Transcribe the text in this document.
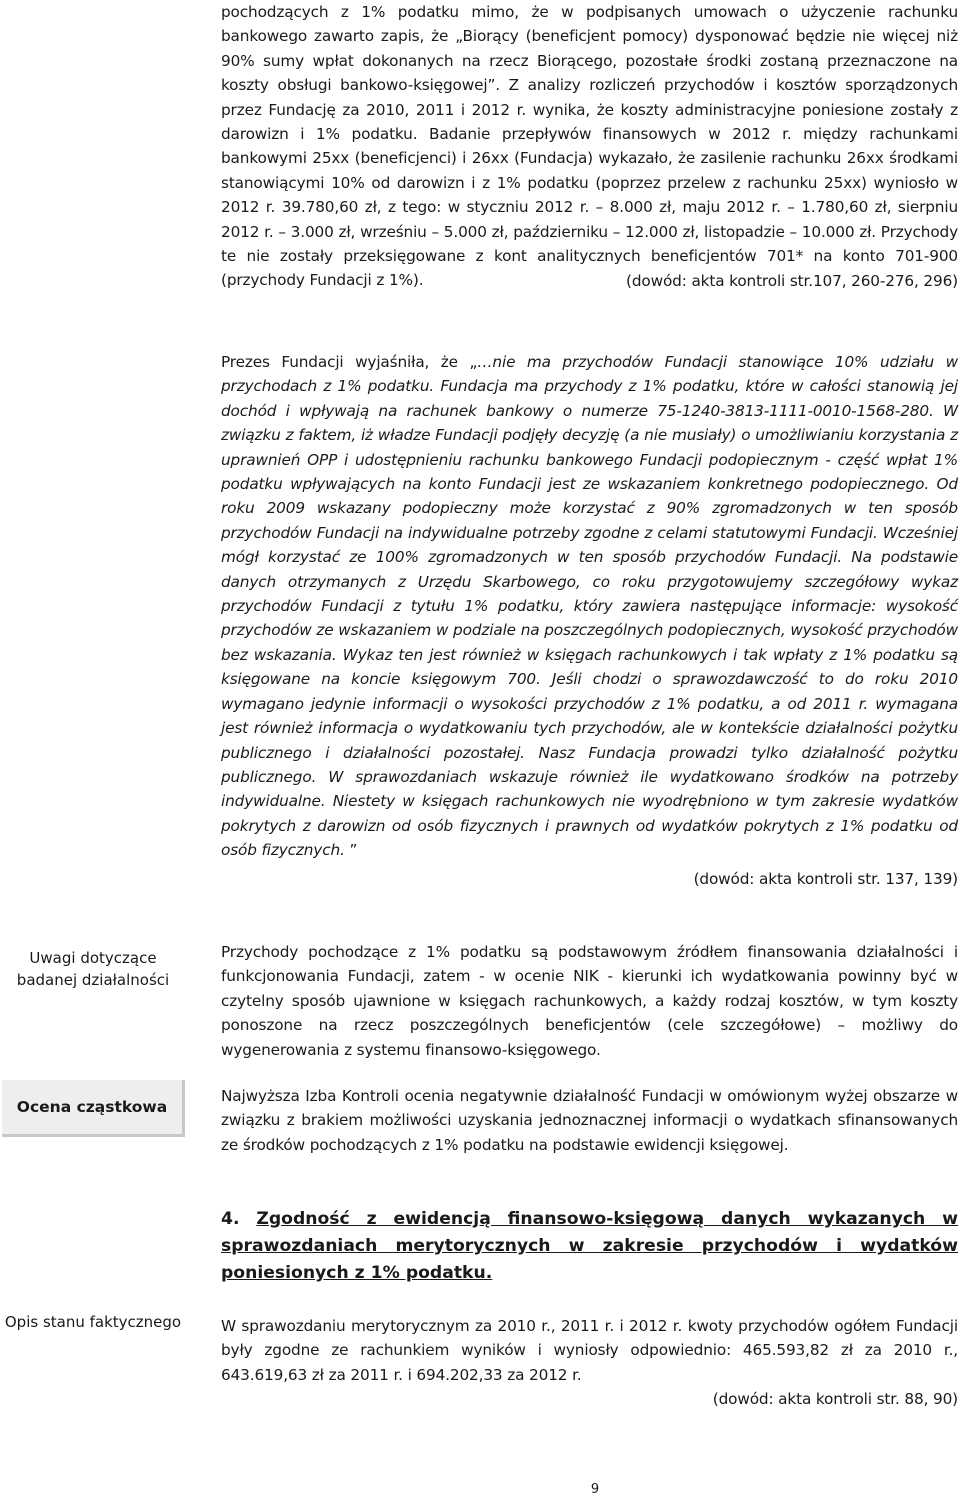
pochodzących z 1% podatku mimo, że w podpisanych umowach o użyczenie rachunku bankowego zawarto zapis, że „Biorący (beneficjent pomocy) dysponować będzie nie więcej niż 90% sumy wpłat dokonanych na rzecz Biorącego, pozostałe środki zostaną przeznaczone na koszty obsługi bankowo-księgowej”. Z analizy rozliczeń przychodów i kosztów sporządzonych przez Fundację za 2010, 2011 i 2012 r. wynika, że koszty administracyjne poniesione zostały z darowizn i 1% podatku. Badanie przepływów finansowych w 2012 r. między rachunkami bankowymi 25xx (beneficjenci) i 26xx (Fundacja) wykazało, że zasilenie rachunku 26xx środkami stanowiącymi 10% od darowizn i z 1% podatku (poprzez przelew z rachunku 25xx) wyniosło w 2012 r. 39.780,60 zł, z tego: w styczniu 2012 r. – 8.000 zł, maju 2012 r. – 1.780,60 zł, sierpniu 2012 r. – 3.000 zł, wrześniu – 5.000 zł, październiku – 12.000 zł, listopadzie – 10.000 zł. Przychody te nie zostały przeksięgowane z kont analitycznych beneficjentów 701* na konto 701-900 (przychody Fundacji z 1%).	(dowód: akta kontroli str.107, 260-276, 296)

Prezes Fundacji wyjaśniła, że „…nie ma przychodów Fundacji stanowiące 10% udziału w przychodach z 1% podatku. Fundacja ma przychody z 1% podatku, które w całości stanowią jej dochód i wpływają na rachunek bankowy o numerze 75-1240-3813-1111-0010-1568-280. W związku z faktem, iż władze Fundacji podjęły decyzję (a nie musiały) o umożliwianiu korzystania z uprawnień OPP i udostępnieniu rachunku bankowego Fundacji podopiecznym - część wpłat 1% podatku wpływających na konto Fundacji jest ze wskazaniem konkretnego podopiecznego. Od roku 2009 wskazany podopieczny może korzystać z 90% zgromadzonych w ten sposób przychodów Fundacji na indywidualne potrzeby zgodne z celami statutowymi Fundacji. Wcześniej mógł korzystać ze 100% zgromadzonych w ten sposób przychodów Fundacji. Na podstawie danych otrzymanych z Urzędu Skarbowego, co roku przygotowujemy szczegółowy wykaz przychodów Fundacji z tytułu 1% podatku, który zawiera następujące informacje: wysokość przychodów ze wskazaniem w podziale na poszczególnych podopiecznych, wysokość przychodów bez wskazania. Wykaz ten jest również w księgach rachunkowych i tak wpłaty z 1% podatku są księgowane na koncie księgowym 700. Jeśli chodzi o sprawozdawczość to do roku 2010 wymagano jedynie informacji o wysokości przychodów z 1% podatku, a od 2011 r. wymagana jest również informacja o wydatkowaniu tych przychodów, ale w kontekście działalności pożytku publicznego i działalności pozostałej. Nasz Fundacja prowadzi tylko działalność pożytku publicznego. W sprawozdaniach wskazuje również ile wydatkowano środków na potrzeby indywidualne. Niestety w księgach rachunkowych nie wyodrębniono w tym zakresie wydatków pokrytych z darowizn od osób fizycznych i prawnych od wydatków pokrytych z 1% podatku od osób fizycznych. ”

(dowód: akta kontroli str. 137, 139)

Przychody pochodzące z 1% podatku są podstawowym źródłem finansowania działalności i funkcjonowania Fundacji, zatem - w ocenie NIK - kierunki ich wydatkowania powinny być w czytelny sposób ujawnione w księgach rachunkowych, a każdy rodzaj kosztów, w tym koszty ponoszone na rzecz poszczególnych beneficjentów (cele szczegółowe) – możliwy do wygenerowania z systemu finansowo-księgowego.

Najwyższa Izba Kontroli ocenia negatywnie działalność Fundacji w omówionym wyżej obszarze w związku z brakiem możliwości uzyskania jednoznacznej informacji o wydatkach sfinansowanych ze środków pochodzących z 1% podatku na podstawie ewidencji księgowej.

4. Zgodność z ewidencją finansowo-księgową danych wykazanych w sprawozdaniach merytorycznych w zakresie przychodów i wydatków poniesionych z 1% podatku.

W sprawozdaniu merytorycznym za 2010 r., 2011 r. i 2012 r. kwoty przychodów ogółem Fundacji były zgodne ze rachunkiem wyników i wyniosły odpowiednio: 465.593,82 zł za 2010 r., 643.619,63 zł za 2011 r. i 694.202,33 za 2012 r.

(dowód: akta kontroli str. 88, 90)

Uwagi dotyczące badanej działalności
Ocena cząstkowa
Opis stanu faktycznego
9
